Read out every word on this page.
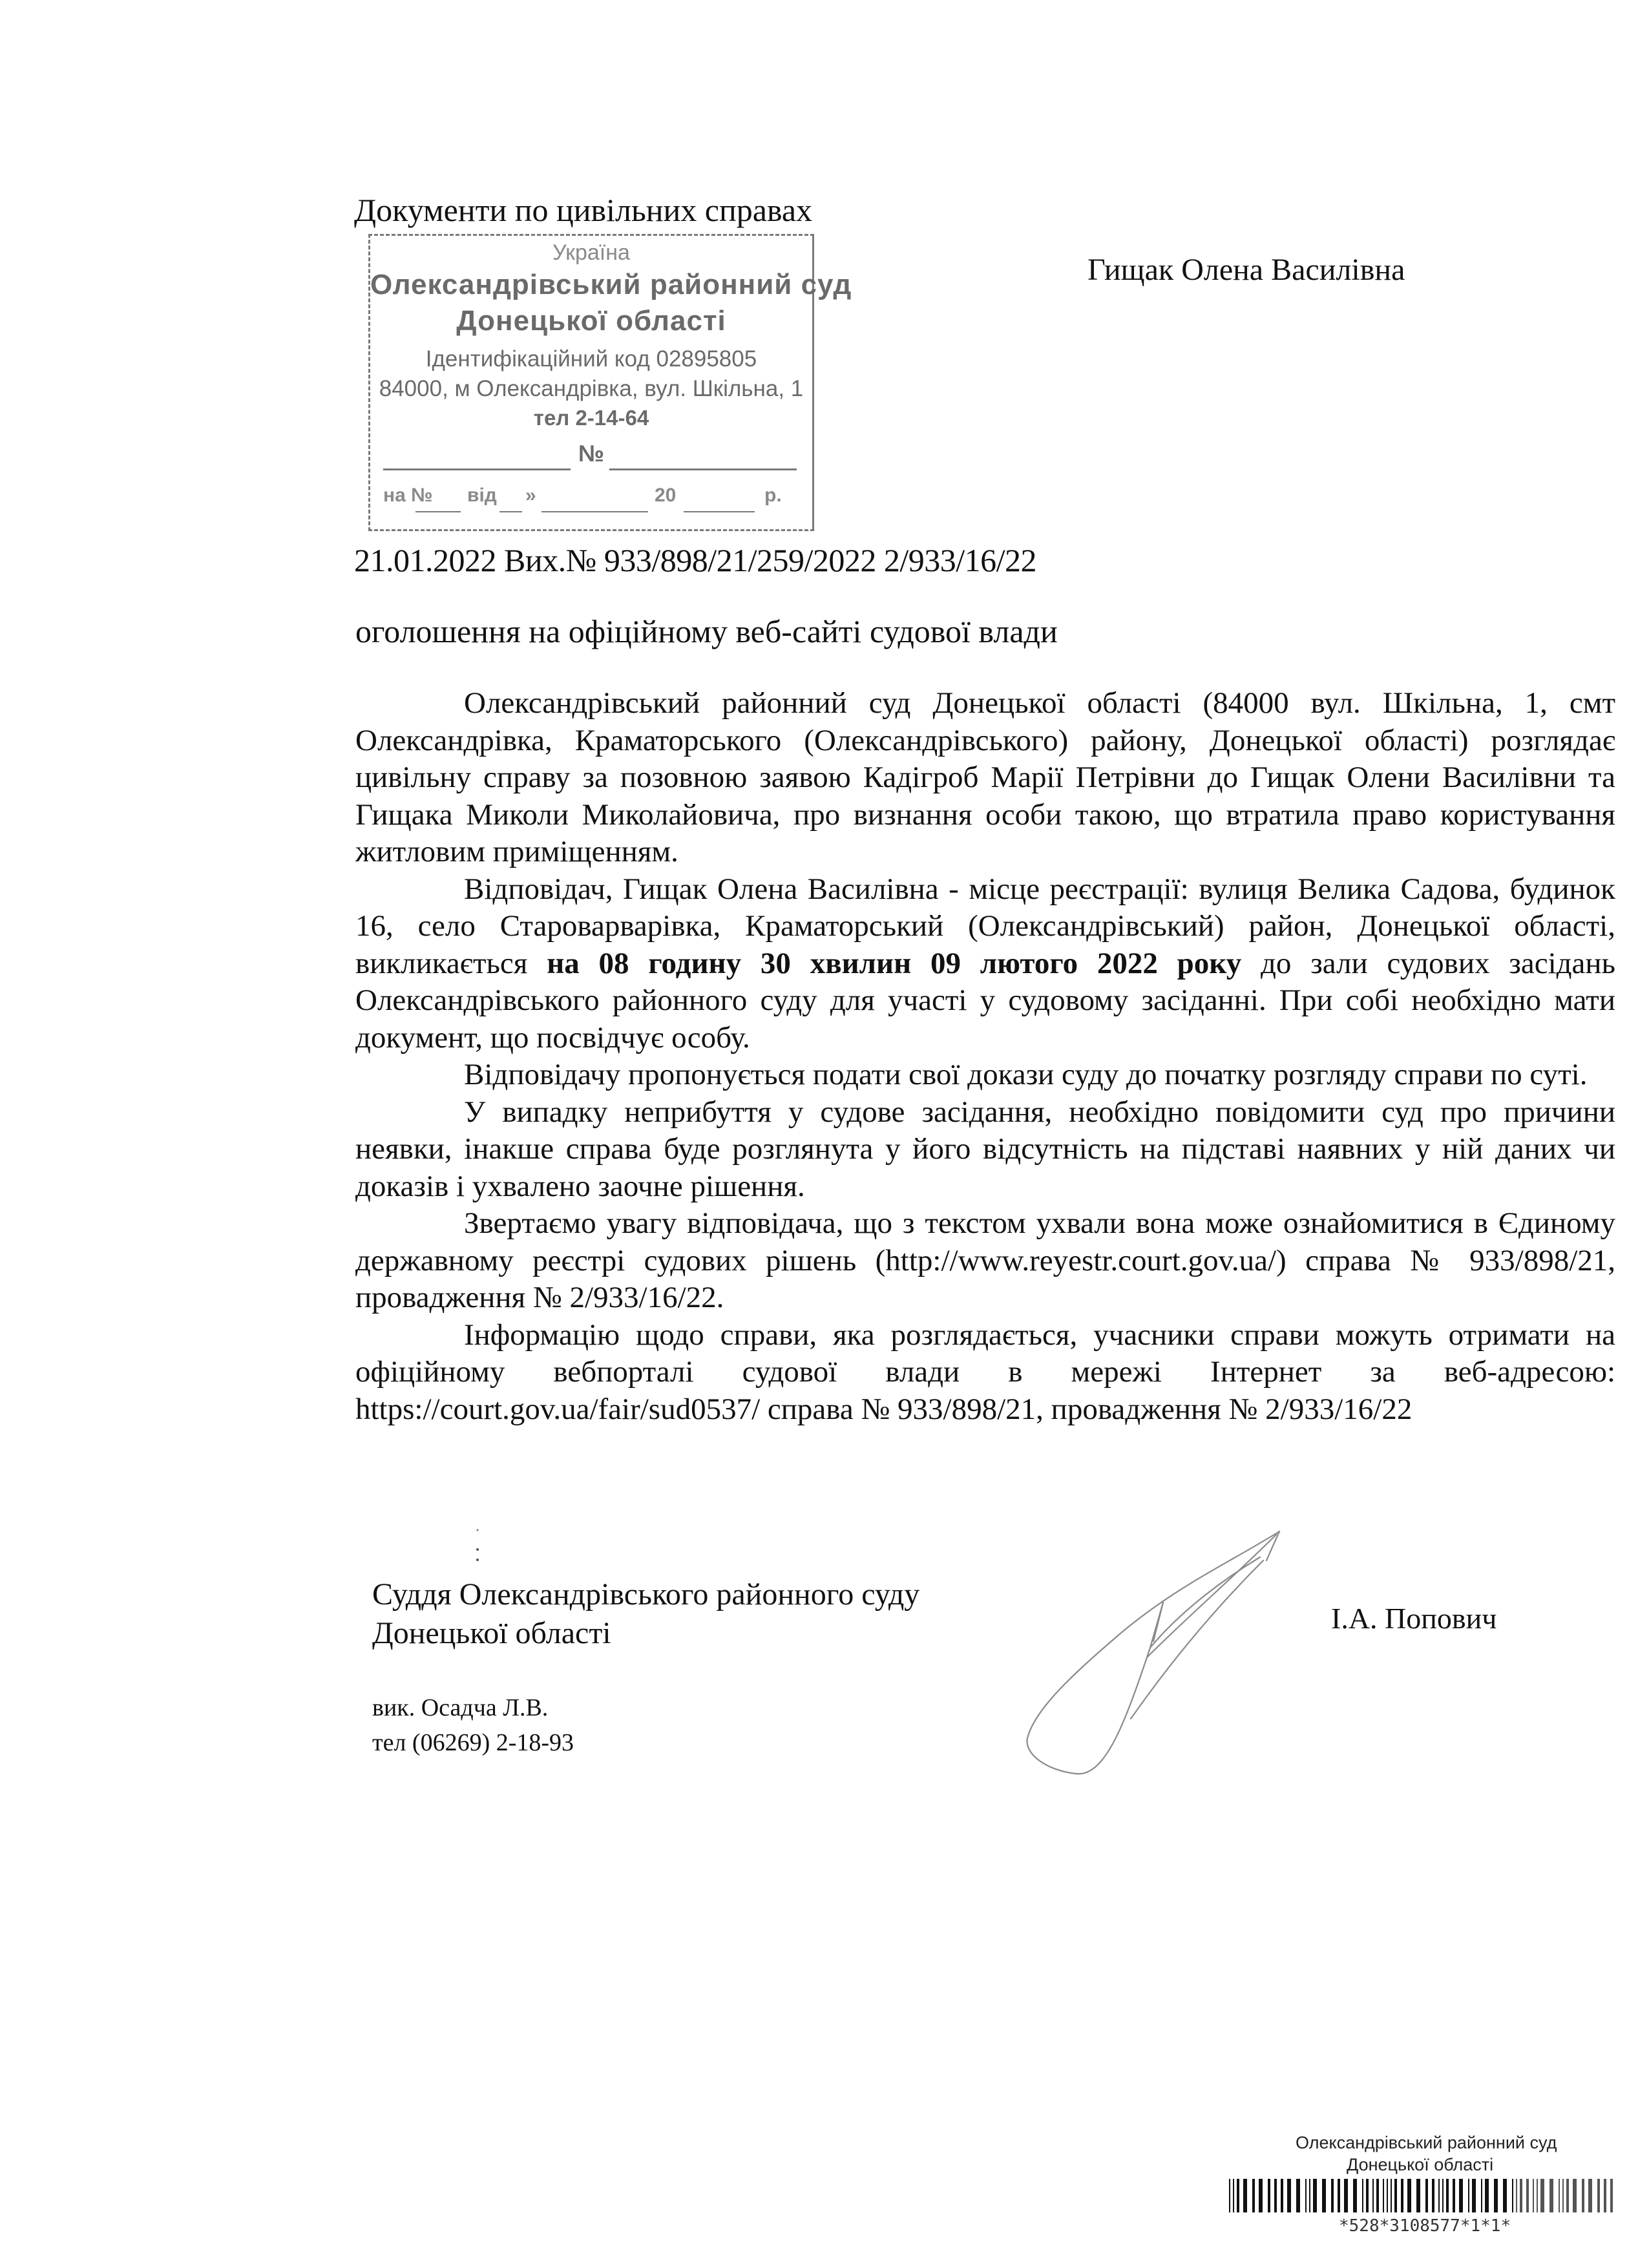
Документи по цивільних справах
Гищак Олена Василівна
Україна
Олександрівський районний суд
Донецької області
Ідентифікаційний код 02895805
84000, м Олександрівка, вул. Шкільна, 1
тел 2-14-64
№
на № від »	20	р.
21.01.2022 Вих.№ 933/898/21/259/2022 2/933/16/22
оголошення на офіційному веб-сайті судової влади

Олександрівський районний суд Донецької області (84000 вул. Шкільна, 1, смт Олександрівка, Краматорського (Олександрівського) району, Донецької області) розглядає цивільну справу за позовною заявою Кадігроб Марії Петрівни до Гищак Олени Василівни та Гищака Миколи Миколайовича, про визнання особи такою, що втратила право користування житловим приміщенням.

Відповідач, Гищак Олена Василівна - місце реєстрації: вулиця Велика Садова, будинок 16, село Староварварівка, Краматорський (Олександрівський) район, Донецької області, викликається на 08 годину 30 хвилин 09 лютого 2022 року до зали судових засідань Олександрівського районного суду для участі у судовому засіданні. При собі необхідно мати документ, що посвідчує особу.

Відповідачу пропонується подати свої докази суду до початку розгляду справи по суті.

У випадку неприбуття у судове засідання, необхідно повідомити суд про причини неявки, інакше справа буде розглянута у його відсутність на підставі наявних у ній даних чи доказів і ухвалено заочне рішення.

Звертаємо увагу відповідача, що з текстом ухвали вона може ознайомитися в Єдиному державному реєстрі судових рішень (http://www.reyestr.court.gov.ua/) справа № 933/898/21, провадження № 2/933/16/22.

Інформацію щодо справи, яка розглядається, учасники справи можуть отримати на офіційному вебпорталі судової влади в мережі Інтернет за веб-адресою: https://court.gov.ua/fair/sud0537/ справа № 933/898/21, провадження № 2/933/16/22

Суддя Олександрівського районного суду
Донецької області	І.А. Попович
вик. Осадча Л.В.
тел (06269) 2-18-93
Олександрівський районний суд
Донецької області
*528*3108577*1*1*
